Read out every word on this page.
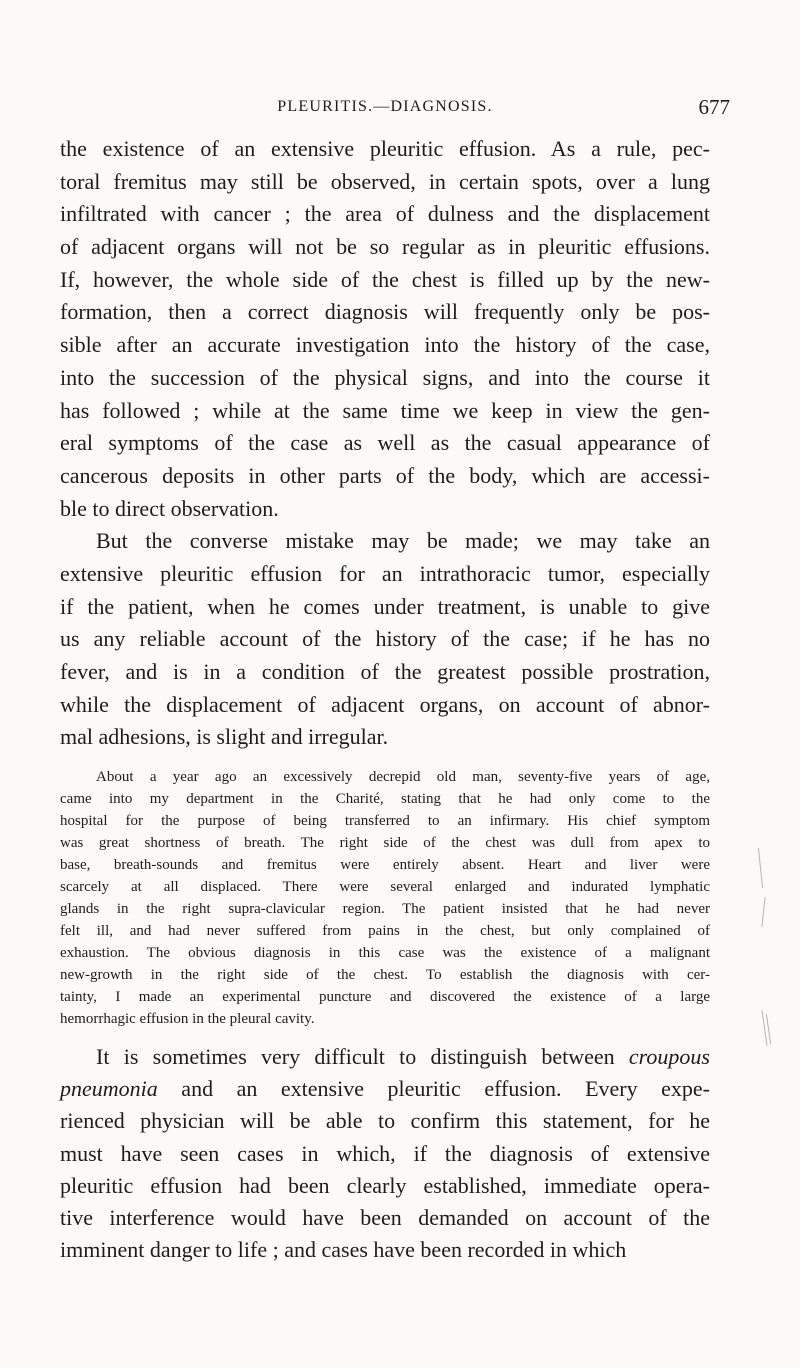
PLEURITIS.—DIAGNOSIS.	677
the existence of an extensive pleuritic effusion. As a rule, pec-
toral fremitus may still be observed, in certain spots, over a lung
infiltrated with cancer ; the area of dulness and the displacement
of adjacent organs will not be so regular as in pleuritic effusions.
If, however, the whole side of the chest is filled up by the new-
formation, then a correct diagnosis will frequently only be pos-
sible after an accurate investigation into the history of the case,
into the succession of the physical signs, and into the course it
has followed ; while at the same time we keep in view the gen-
eral symptoms of the case as well as the casual appearance of
cancerous deposits in other parts of the body, which are accessi-
ble to direct observation.
But the converse mistake may be made; we may take an
extensive pleuritic effusion for an intrathoracic tumor, especially
if the patient, when he comes under treatment, is unable to give
us any reliable account of the history of the case; if he has no
fever, and is in a condition of the greatest possible prostration,
while the displacement of adjacent organs, on account of abnor-
mal adhesions, is slight and irregular.
About a year ago an excessively decrepid old man, seventy-five years of age,
came into my department in the Charité, stating that he had only come to the
hospital for the purpose of being transferred to an infirmary. His chief symptom
was great shortness of breath. The right side of the chest was dull from apex to
base, breath-sounds and fremitus were entirely absent. Heart and liver were
scarcely at all displaced. There were several enlarged and indurated lymphatic
glands in the right supra-clavicular region. The patient insisted that he had never
felt ill, and had never suffered from pains in the chest, but only complained of
exhaustion. The obvious diagnosis in this case was the existence of a malignant
new-growth in the right side of the chest. To establish the diagnosis with cer-
tainty, I made an experimental puncture and discovered the existence of a large
hemorrhagic effusion in the pleural cavity.
It is sometimes very difficult to distinguish between croupous
pneumonia and an extensive pleuritic effusion. Every expe-
rienced physician will be able to confirm this statement, for he
must have seen cases in which, if the diagnosis of extensive
pleuritic effusion had been clearly established, immediate opera-
tive interference would have been demanded on account of the
imminent danger to life ; and cases have been recorded in which
